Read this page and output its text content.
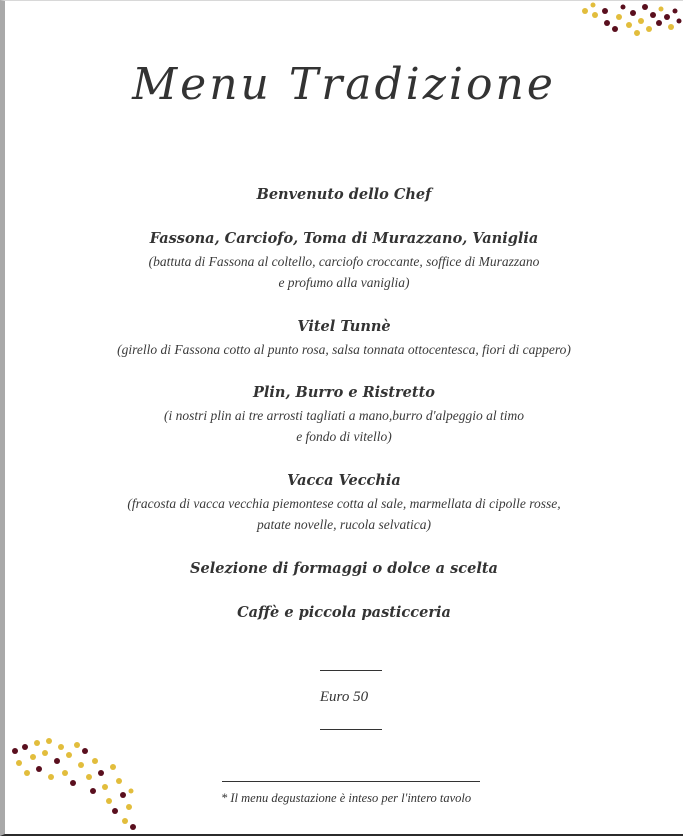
Menu Tradizione
Benvenuto dello Chef
Fassona, Carciofo, Toma di Murazzano, Vaniglia
(battuta di Fassona al coltello, carciofo croccante, soffice di Murazzano
e profumo alla vaniglia)
Vitel Tunnè
(girello di Fassona cotto al punto rosa, salsa tonnata ottocentesca, fiori di cappero)
Plin, Burro e Ristretto
(i nostri plin ai tre arrosti tagliati a mano,burro d'alpeggio al timo
e fondo di vitello)
Vacca Vecchia
(fracosta di vacca vecchia piemontese cotta al sale, marmellata di cipolle rosse,
patate novelle, rucola selvatica)
Selezione di formaggi o dolce a scelta
Caffè e piccola pasticceria
Euro 50
* Il menu degustazione è inteso per l'intero tavolo
